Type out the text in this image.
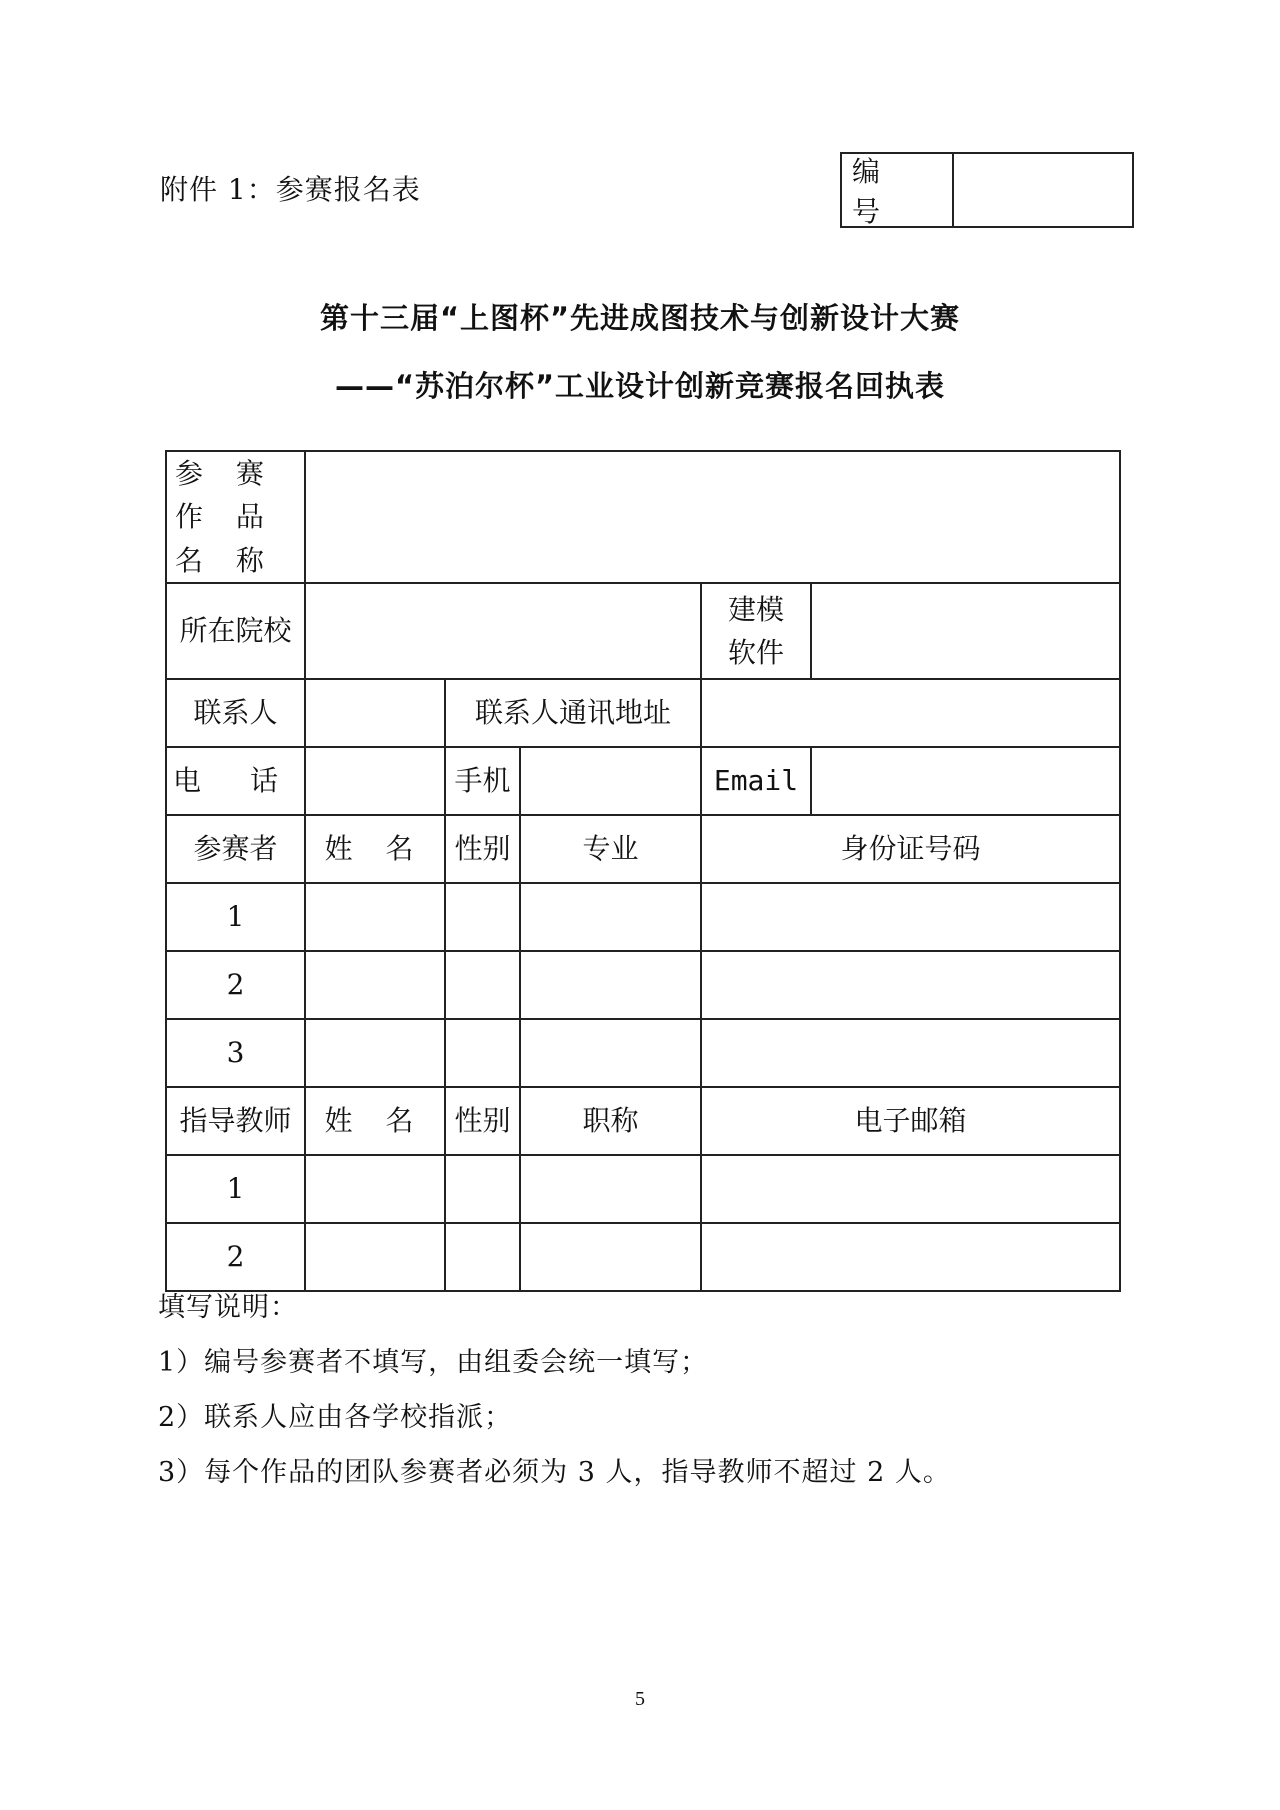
附件 1：参赛报名表
编 号
第十三届“上图杯”先进成图技术与创新设计大赛
——“苏泊尔杯”工业设计创新竞赛报名回执表
参 赛 作 品 名 称					
所在院校				建模软件	
联系人		联系人通讯地址			
电 话		手机		Email	
参赛者	姓 名	性别	专业	身份证号码	
1					
2					
3					
指导教师	姓 名	性别	职称	电子邮箱	
1					
2					
填写说明：
1）编号参赛者不填写，由组委会统一填写；
2）联系人应由各学校指派；
3）每个作品的团队参赛者必须为 3 人，指导教师不超过 2 人。
5
